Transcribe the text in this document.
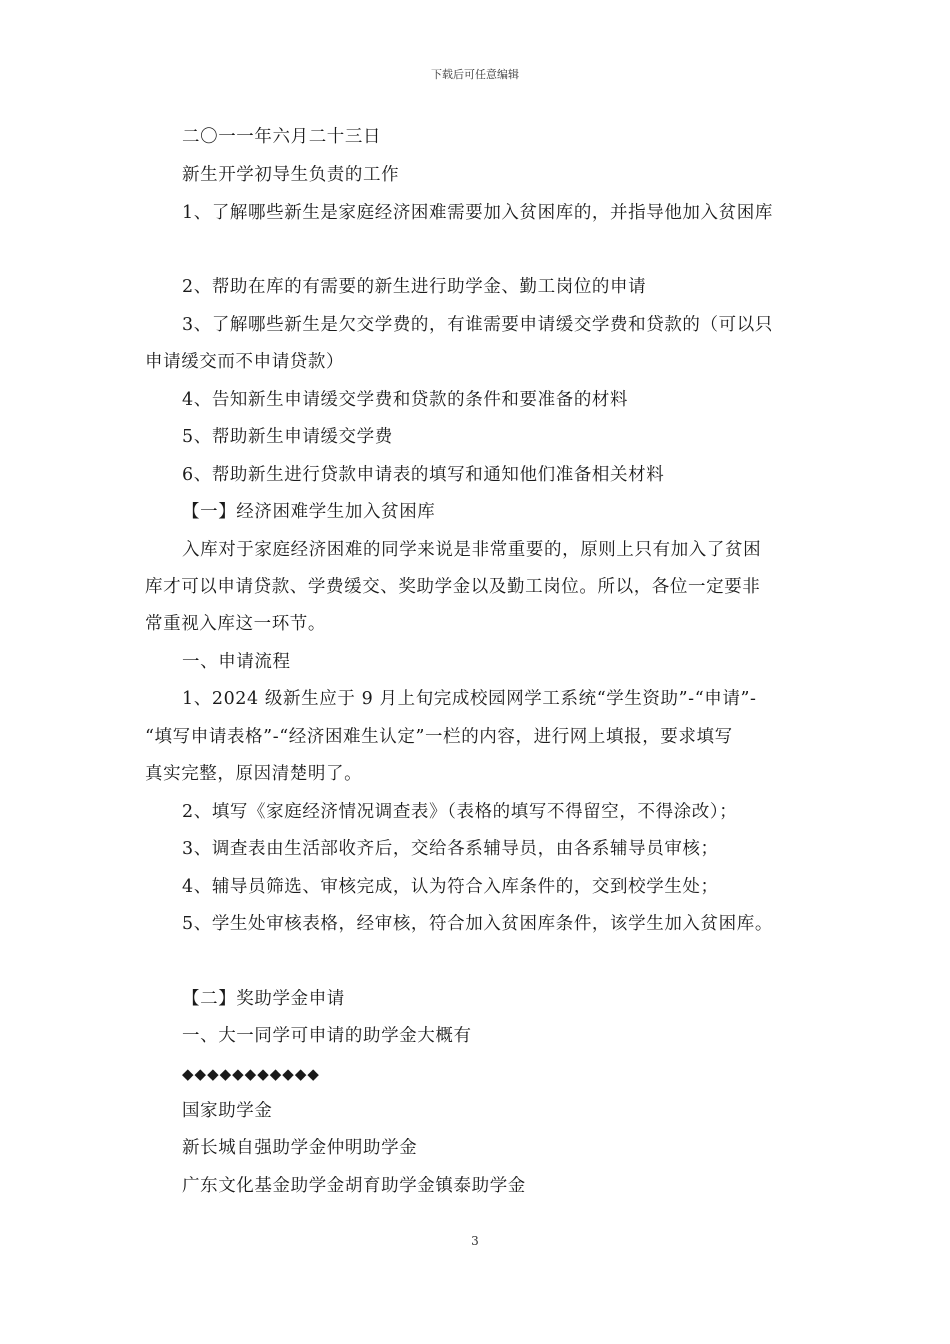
下载后可任意编辑
二〇一一年六月二十三日
新生开学初导生负责的工作
1、了解哪些新生是家庭经济困难需要加入贫困库的，并指导他加入贫困库
2、帮助在库的有需要的新生进行助学金、勤工岗位的申请
3、了解哪些新生是欠交学费的，有谁需要申请缓交学费和贷款的（可以只
申请缓交而不申请贷款）
4、告知新生申请缓交学费和贷款的条件和要准备的材料
5、帮助新生申请缓交学费
6、帮助新生进行贷款申请表的填写和通知他们准备相关材料
【一】经济困难学生加入贫困库
入库对于家庭经济困难的同学来说是非常重要的，原则上只有加入了贫困
库才可以申请贷款、学费缓交、奖助学金以及勤工岗位。所以，各位一定要非
常重视入库这一环节。
一、申请流程
1、2024 级新生应于 9 月上旬完成校园网学工系统“学生资助”-“申请”-
“填写申请表格”-“经济困难生认定”一栏的内容，进行网上填报，要求填写
真实完整，原因清楚明了。
2、填写《家庭经济情况调查表》（表格的填写不得留空，不得涂改）；
3、调查表由生活部收齐后，交给各系辅导员，由各系辅导员审核；
4、辅导员筛选、审核完成，认为符合入库条件的，交到校学生处；
5、学生处审核表格，经审核，符合加入贫困库条件，该学生加入贫困库。
【二】奖助学金申请
一、大一同学可申请的助学金大概有
◆◆◆◆◆◆◆◆◆◆◆
国家助学金
新长城自强助学金仲明助学金
广东文化基金助学金胡育助学金镇泰助学金
3
